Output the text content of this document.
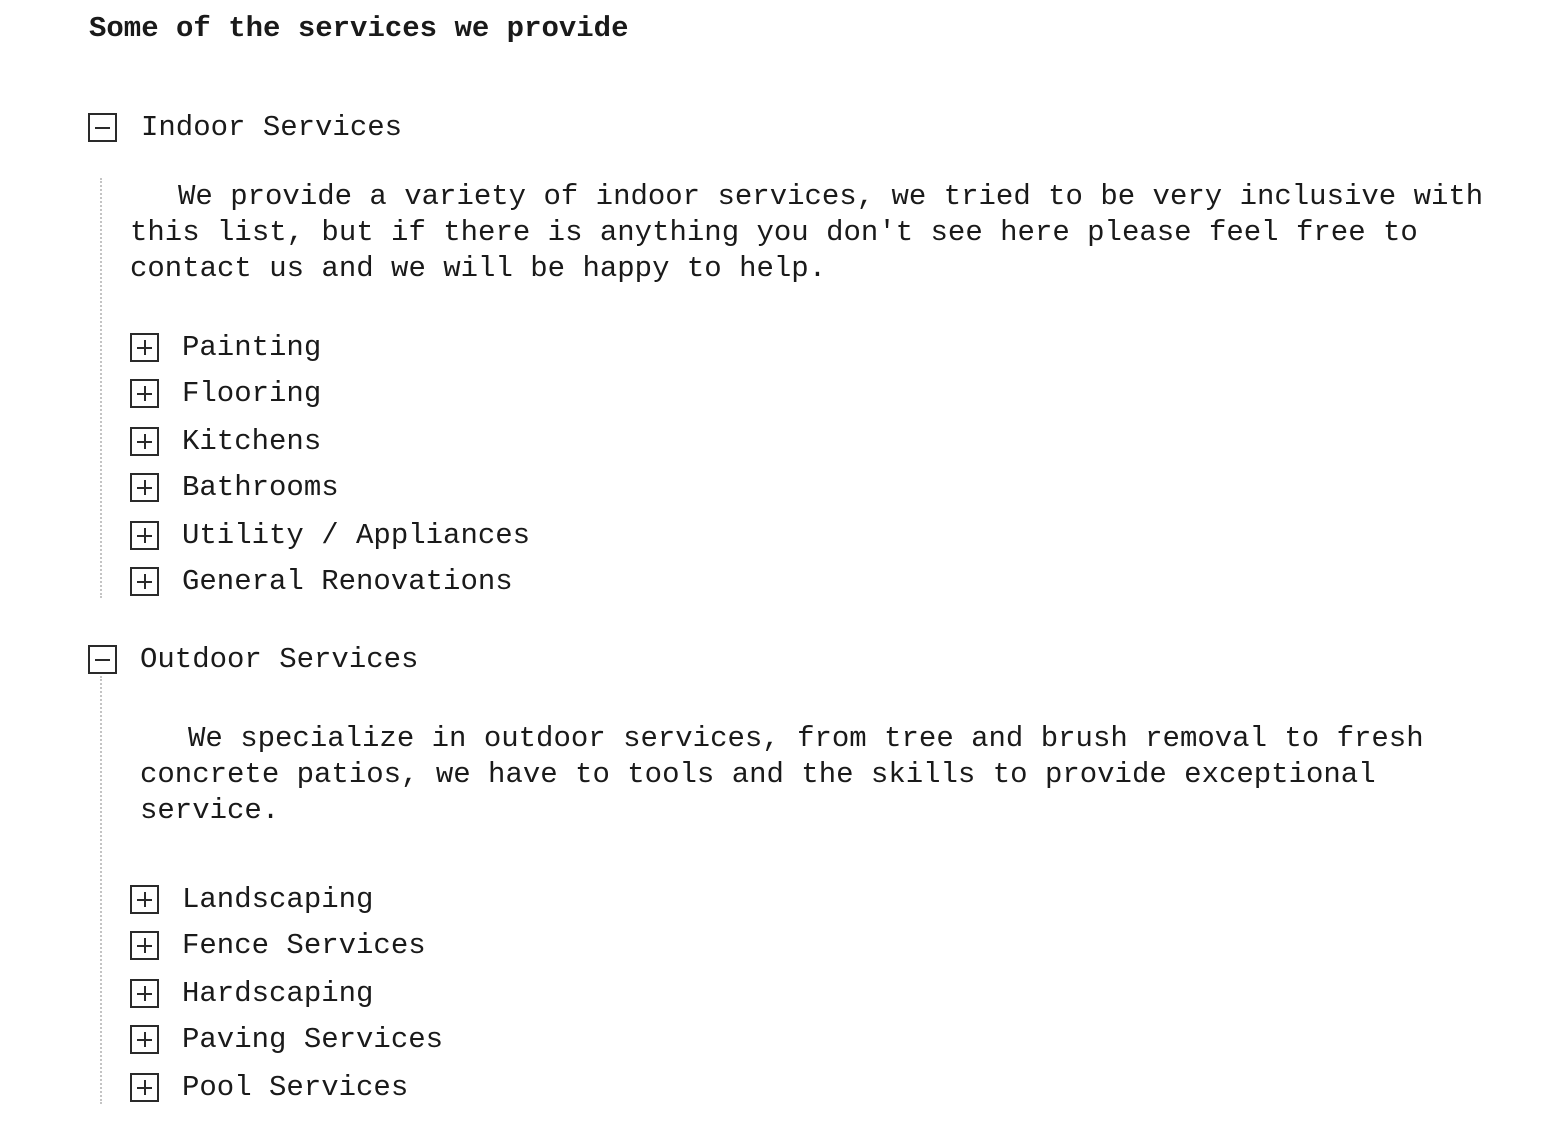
Some of the services we provide
Indoor Services

We provide a variety of indoor services, we tried to be very inclusive with this list, but if there is anything you don't see here please feel free to contact us and we will be happy to help.

Painting
Flooring
Kitchens
Bathrooms
Utility / Appliances
General Renovations
Outdoor Services

We specialize in outdoor services, from tree and brush removal to fresh concrete patios, we have to tools and the skills to provide exceptional service.

Landscaping
Fence Services
Hardscaping
Paving Services
Pool Services
